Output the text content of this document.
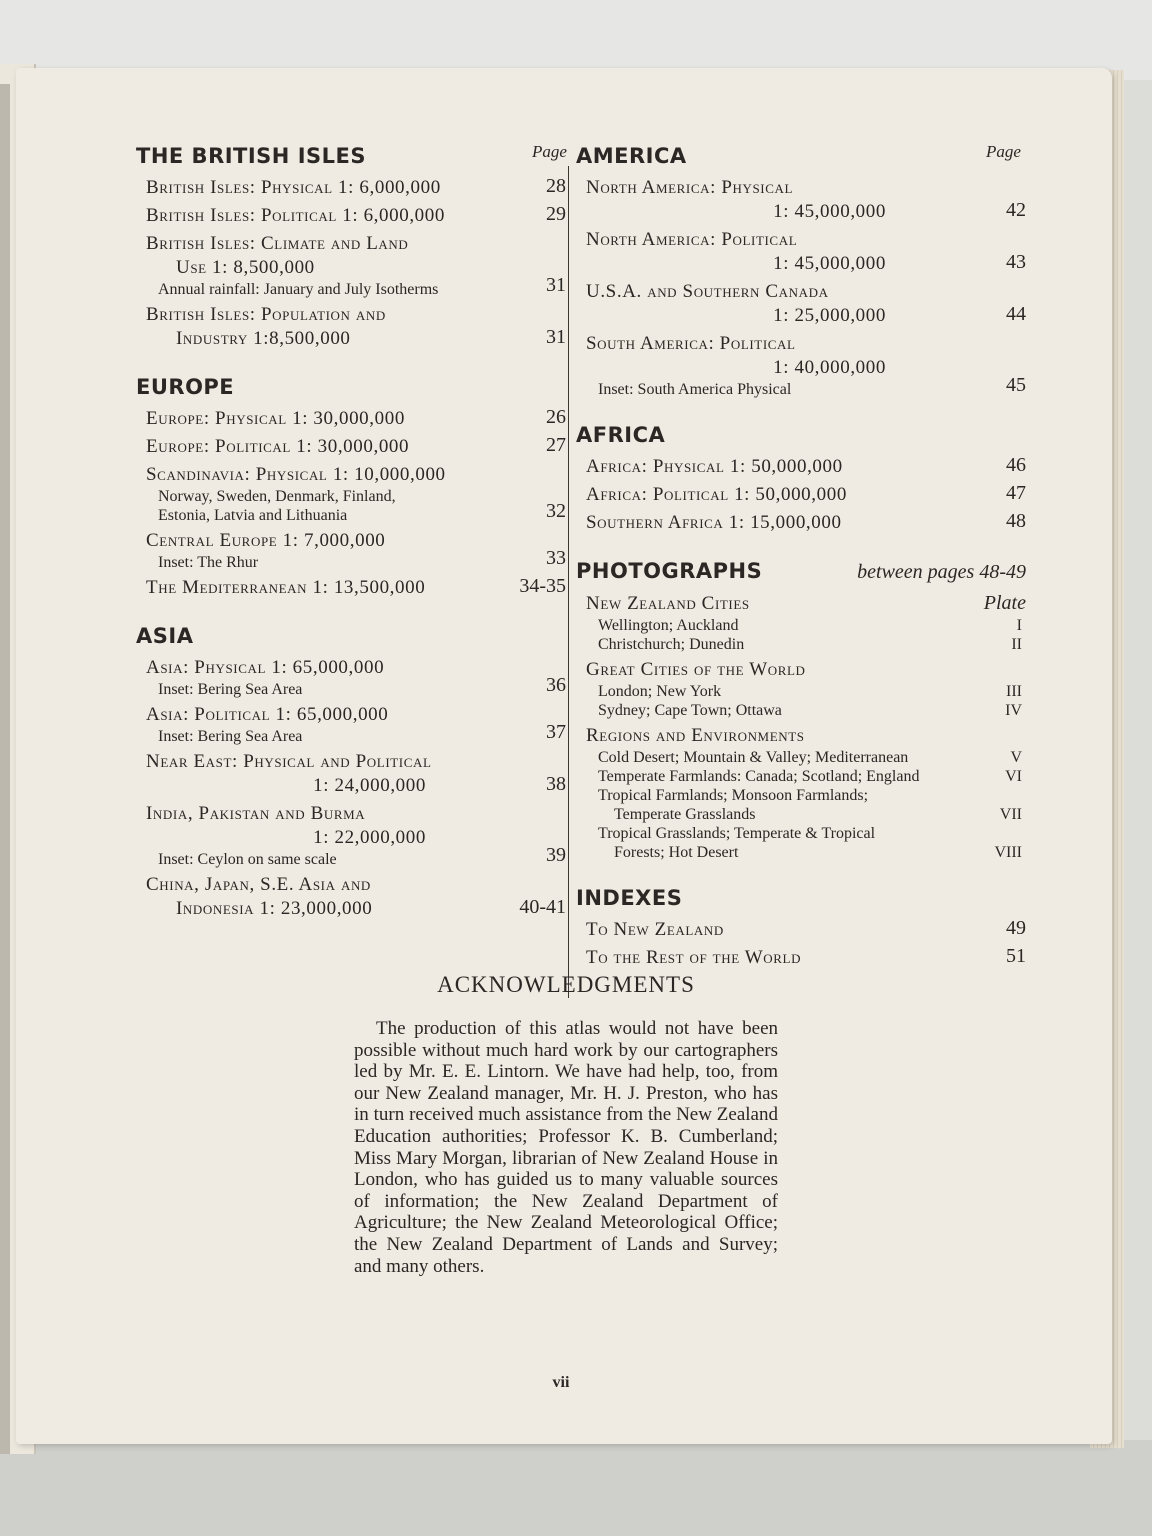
Page	Page
THE BRITISH ISLES
British Isles: Physical 1: 6,000,000	28
British Isles: Political 1: 6,000,000	29
British Isles: Climate and Land
Use 1: 8,500,000
Annual rainfall: January and July Isotherms	31
British Isles: Population and
Industry 1:8,500,000	31
EUROPE
Europe: Physical 1: 30,000,000	26
Europe: Political 1: 30,000,000	27
Scandinavia: Physical 1: 10,000,000
Norway, Sweden, Denmark, Finland,
Estonia, Latvia and Lithuania	32
Central Europe 1: 7,000,000
Inset: The Rhur	33
The Mediterranean 1: 13,500,000	34-35
ASIA
Asia: Physical 1: 65,000,000
Inset: Bering Sea Area	36
Asia: Political 1: 65,000,000
Inset: Bering Sea Area	37
Near East: Physical and Political
1: 24,000,000	38
India, Pakistan and Burma
1: 22,000,000
Inset: Ceylon on same scale	39
China, Japan, S.E. Asia and
Indonesia 1: 23,000,000	40-41
AMERICA
North America: Physical
1: 45,000,000	42
North America: Political
1: 45,000,000	43
U.S.A. and Southern Canada
1: 25,000,000	44
South America: Political
1: 40,000,000
Inset: South America Physical	45
AFRICA
Africa: Physical 1: 50,000,000	46
Africa: Political 1: 50,000,000	47
Southern Africa 1: 15,000,000	48
PHOTOGRAPHS	between pages 48-49
New Zealand Cities	Plate
Wellington; Auckland	I
Christchurch; Dunedin	II
Great Cities of the World
London; New York	III
Sydney; Cape Town; Ottawa	IV
Regions and Environments
Cold Desert; Mountain & Valley; Mediterranean	V
Temperate Farmlands: Canada; Scotland; England	VI
Tropical Farmlands; Monsoon Farmlands;
Temperate Grasslands	VII
Tropical Grasslands; Temperate & Tropical
Forests; Hot Desert	VIII
INDEXES
To New Zealand	49
To the Rest of the World	51
ACKNOWLEDGMENTS
The production of this atlas would not have been possible without much hard work by our cartographers led by Mr. E. E. Lintorn. We have had help, too, from our New Zealand manager, Mr. H. J. Preston, who has in turn received much assistance from the New Zealand Education authorities; Professor K. B. Cumberland; Miss Mary Morgan, librarian of New Zealand House in London, who has guided us to many valuable sources of information; the New Zealand Department of Agriculture; the New Zealand Meteorological Office; the New Zealand Department of Lands and Survey; and many others.
vii
